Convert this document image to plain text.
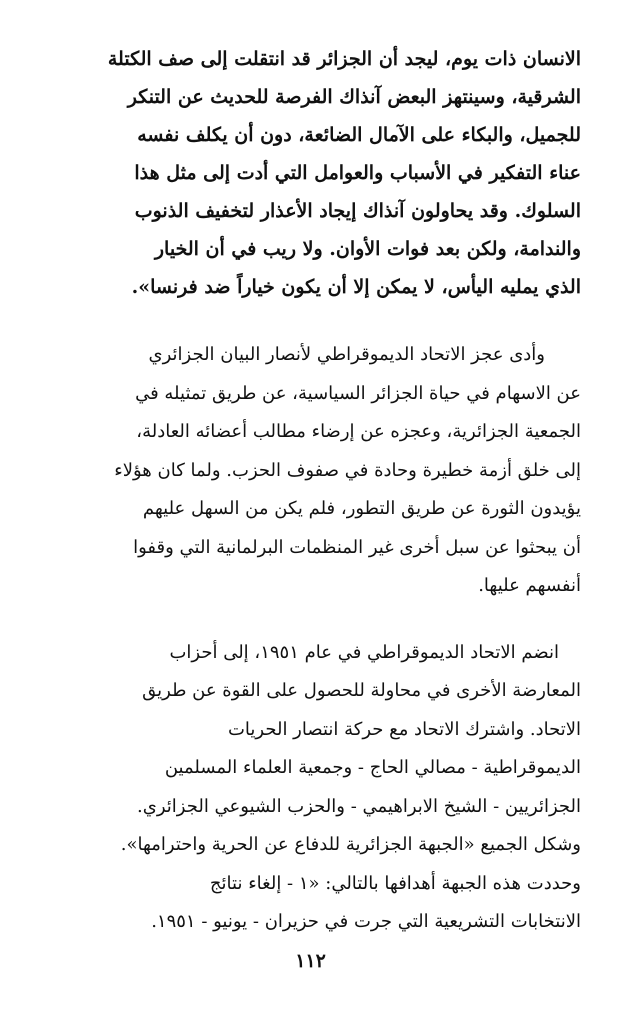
الانسان ذات يوم، ليجد أن الجزائر قد انتقلت إلى صف الكتلة
الشرقية، وسينتهز البعض آنذاك الفرصة للحديث عن التنكر
للجميل، والبكاء على الآمال الضائعة، دون أن يكلف نفسه
عناء التفكير في الأسباب والعوامل التي أدت إلى مثل هذا
السلوك. وقد يحاولون آنذاك إيجاد الأعذار لتخفيف الذنوب
والندامة، ولكن بعد فوات الأوان. ولا ريب في أن الخيار
الذي يمليه اليأس، لا يمكن إلا أن يكون خياراً ضد فرنسا».
وأدى عجز الاتحاد الديموقراطي لأنصار البيان الجزائري
عن الاسهام في حياة الجزائر السياسية، عن طريق تمثيله في
الجمعية الجزائرية، وعجزه عن إرضاء مطالب أعضائه العادلة،
إلى خلق أزمة خطيرة وحادة في صفوف الحزب. ولما كان هؤلاء
يؤيدون الثورة عن طريق التطور، فلم يكن من السهل عليهم
أن يبحثوا عن سبل أخرى غير المنظمات البرلمانية التي وقفوا
أنفسهم عليها.
انضم الاتحاد الديموقراطي في عام ١٩٥١، إلى أحزاب
المعارضة الأخرى في محاولة للحصول على القوة عن طريق
الاتحاد. واشترك الاتحاد مع حركة انتصار الحريات
الديموقراطية - مصالي الحاج - وجمعية العلماء المسلمين
الجزائريين - الشيخ الابراهيمي - والحزب الشيوعي الجزائري.
وشكل الجميع «الجبهة الجزائرية للدفاع عن الحرية واحترامها».
وحددت هذه الجبهة أهدافها بالتالي: «١ - إلغاء نتائج
الانتخابات التشريعية التي جرت في حزيران - يونيو - ١٩٥١.
١١٢
